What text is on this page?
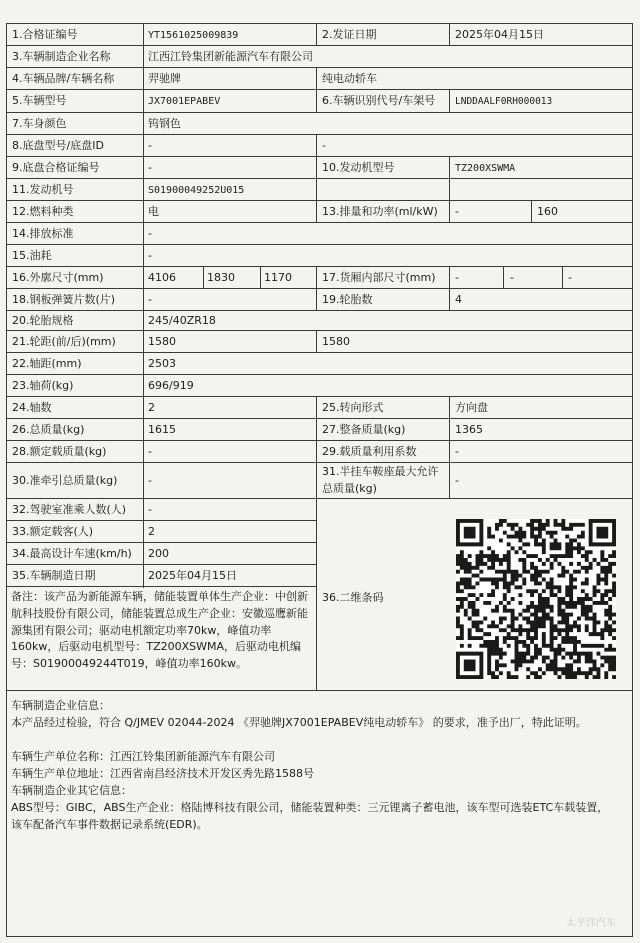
1.合格证编号	YT1561025009839	2.发证日期	2025年04月15日
3.车辆制造企业名称	江西江铃集团新能源汽车有限公司
4.车辆品牌/车辆名称	羿驰牌	纯电动轿车
5.车辆型号	JX7001EPABEV	6.车辆识别代号/车架号 LNDDAALF0RH000013
7.车身颜色	钨钢色
8.底盘型号/底盘ID	-	-
9.底盘合格证编号	-	10.发动机型号	TZ200XSWMA
11.发动机号	S01900049252U015
12.燃料种类	电	13.排量和功率(ml/kW) -	160
14.排放标准	-
15.油耗	-
16.外廓尺寸(mm)	4106	1830	1170	17.货厢内部尺寸(mm) -	-	-
18.钢板弹簧片数(片)	-	19.轮胎数	4
20.轮胎规格	245/40ZR18
21.轮距(前/后)(mm)	1580	1580
22.轴距(mm)	2503
23.轴荷(kg)	696/919
24.轴数	2	25.转向形式	方向盘
26.总质量(kg)	1615	27.整备质量(kg)	1365
28.额定载质量(kg)	-	29.载质量利用系数	-
30.准牵引总质量(kg)	-
31.半挂车鞍座最大允许总质量(kg)
-
32.驾驶室准乘人数(人) -
33.额定载客(人)	2
34.最高设计车速(km/h) 200
35.车辆制造日期	2025年04月15日
备注：该产品为新能源车辆，储能装置单体生产企业：中创新航科技股份有限公司，储能装置总成生产企业：安徽巡鹰新能源集团有限公司；驱动电机额定功率70kw，峰值功率160kw，后驱动电机型号：TZ200XSWMA，后驱动电机编号：S01900049244T019，峰值功率160kw。
36.二维条码
车辆制造企业信息：
本产品经过检验，符合 Q/JMEV 02044-2024 《羿驰牌JX7001EPABEV纯电动轿车》 的要求，准予出厂，特此证明。
车辆生产单位名称：江西江铃集团新能源汽车有限公司
车辆生产单位地址：江西省南昌经济技术开发区秀先路1588号
车辆制造企业其它信息：
ABS型号：GIBC，ABS生产企业：格陆博科技有限公司，储能装置种类：三元锂离子蓄电池，该车型可选装ETC车载装置，该车配备汽车事件数据记录系统(EDR)。
太平洋汽车
